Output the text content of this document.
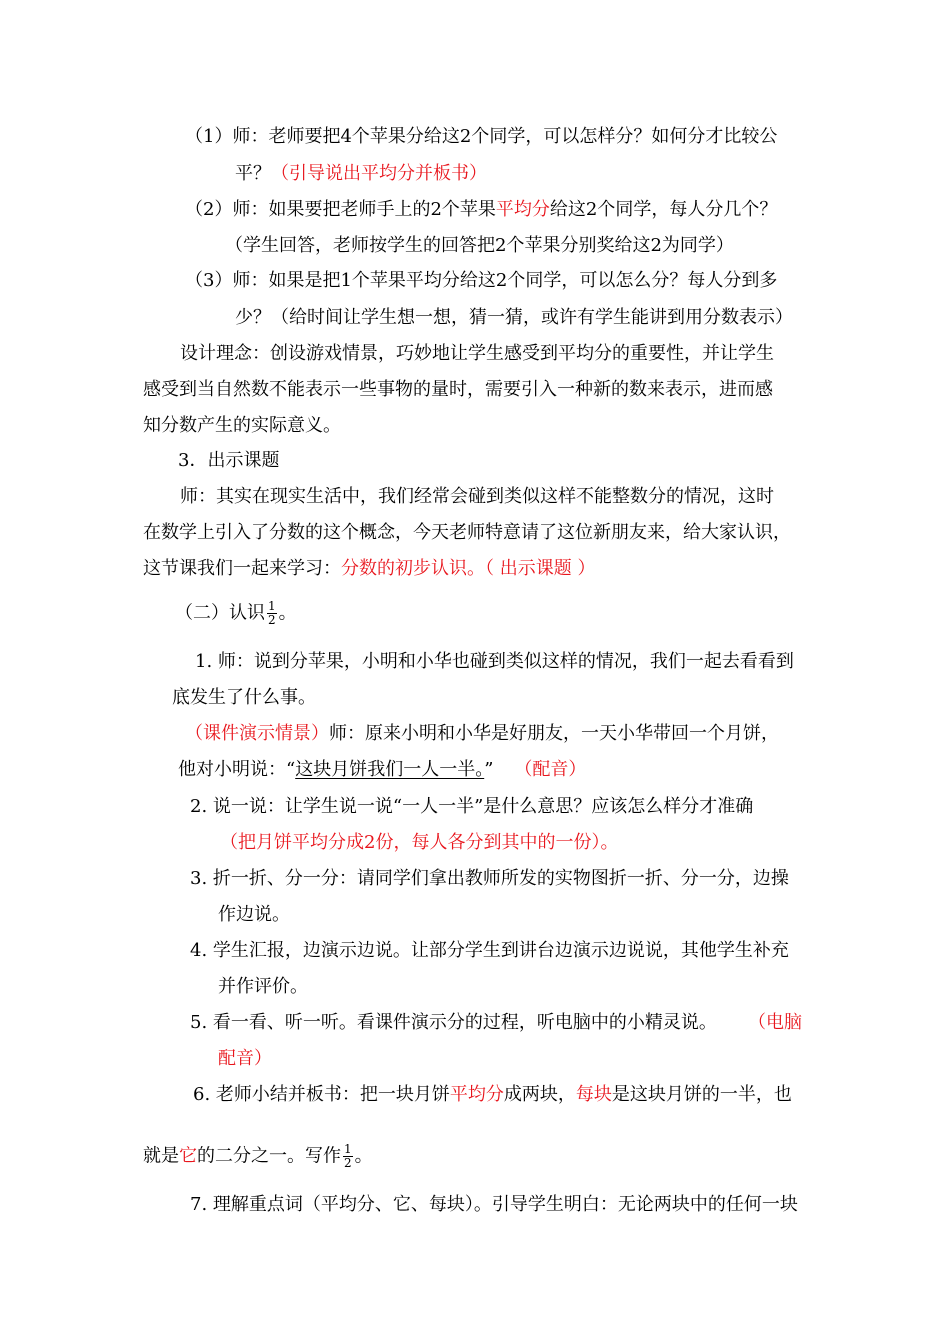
（1）师：老师要把4个苹果分给这2个同学，可以怎样分？如何分才比较公
平？（引导说出平均分并板书）
（2）师：如果要把老师手上的2个苹果平均分给这2个同学，每人分几个？
（学生回答，老师按学生的回答把2个苹果分别奖给这2为同学）
（3）师：如果是把1个苹果平均分给这2个同学，可以怎么分？每人分到多
少？（给时间让学生想一想，猜一猜，或许有学生能讲到用分数表示）
设计理念：创设游戏情景，巧妙地让学生感受到平均分的重要性，并让学生
感受到当自然数不能表示一些事物的量时，需要引入一种新的数来表示，进而感
知分数产生的实际意义。
3．出示课题
师：其实在现实生活中，我们经常会碰到类似这样不能整数分的情况，这时
在数学上引入了分数的这个概念，今天老师特意请了这位新朋友来，给大家认识，
这节课我们一起来学习：分数的初步认识。（ 出示课题 ）
（二）认识 $\frac{1}{2}$ 。
1. 师：说到分苹果，小明和小华也碰到类似这样的情况，我们一起去看看到
底发生了什么事。
（课件演示情景）师：原来小明和小华是好朋友，一天小华带回一个月饼，
他对小明说：“这块月饼我们一人一半。” （配音）
2. 说一说：让学生说一说“一人一半”是什么意思？应该怎么样分才准确
（把月饼平均分成2份，每人各分到其中的一份）。
3. 折一折、分一分：请同学们拿出教师所发的实物图折一折、分一分，边操
作边说。
4. 学生汇报，边演示边说。让部分学生到讲台边演示边说说，其他学生补充
并作评价。
5. 看一看、听一听。看课件演示分的过程，听电脑中的小精灵说。 （电脑
配音）
6. 老师小结并板书：把一块月饼平均分成两块，每块是这块月饼的一半，也
就是它的二分之一。写作 $\frac{1}{2}$ 。
7. 理解重点词（平均分、它、每块）。引导学生明白：无论两块中的任何一块
